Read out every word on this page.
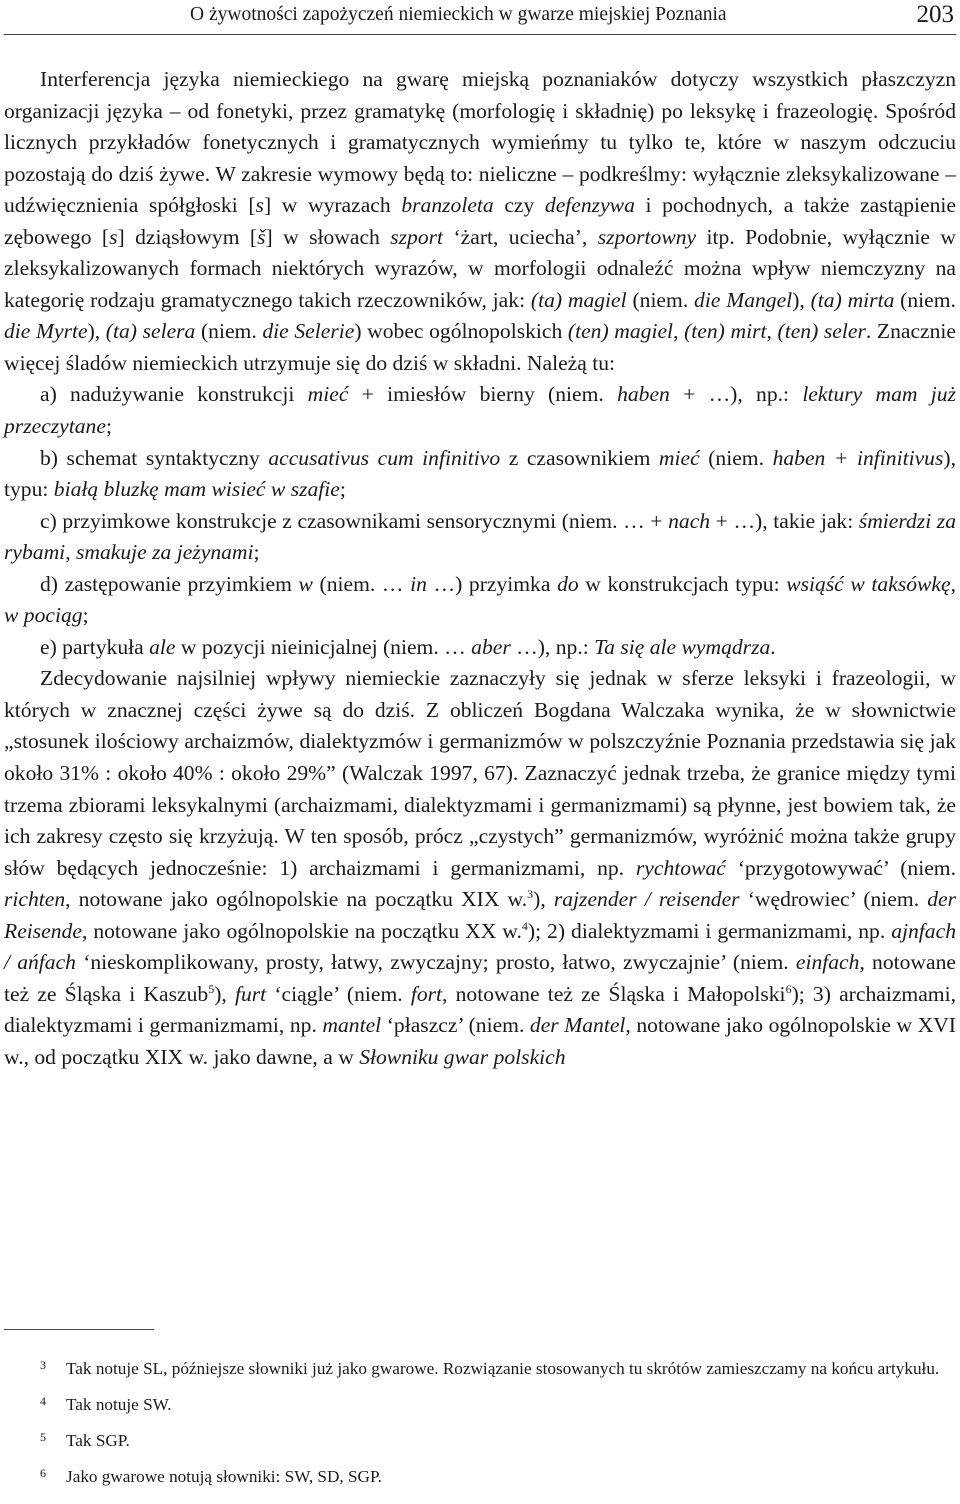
O żywotności zapożyczeń niemieckich w gwarze miejskiej Poznania	203

Interferencja języka niemieckiego na gwarę miejską poznaniaków dotyczy wszystkich płaszczyzn organizacji języka – od fonetyki, przez gramatykę (morfologię i składnię) po leksykę i frazeologię. Spośród licznych przykładów fonetycznych i gramatycznych wymieńmy tu tylko te, które w naszym odczuciu pozostają do dziś żywe. W zakresie wymowy będą to: nieliczne – podkreślmy: wyłącznie zleksykalizowane – udźwięcznienia spółgłoski [s] w wyrazach branzoleta czy defenzywa i pochodnych, a także zastąpienie zębowego [s] dziąsłowym [š] w słowach szport ‘żart, uciecha’, szportowny itp. Podobnie, wyłącznie w zleksykalizowanych formach niektórych wyrazów, w morfologii odnaleźć można wpływ niemczyzny na kategorię rodzaju gramatycznego takich rzeczowników, jak: (ta) magiel (niem. die Mangel), (ta) mirta (niem. die Myrte), (ta) selera (niem. die Selerie) wobec ogólnopolskich (ten) magiel, (ten) mirt, (ten) seler. Znacznie więcej śladów niemieckich utrzymuje się do dziś w składni. Należą tu:

a) nadużywanie konstrukcji mieć + imiesłów bierny (niem. haben + …), np.: lektury mam już przeczytane;

b) schemat syntaktyczny accusativus cum infinitivo z czasownikiem mieć (niem. haben + infinitivus), typu: białą bluzkę mam wisieć w szafie;

c) przyimkowe konstrukcje z czasownikami sensorycznymi (niem. … + nach + …), takie jak: śmierdzi za rybami, smakuje za jeżynami;

d) zastępowanie przyimkiem w (niem. … in …) przyimka do w konstrukcjach typu: wsiąść w taksówkę, w pociąg;

e) partykuła ale w pozycji nieinicjalnej (niem. … aber …), np.: Ta się ale wymądrza.

Zdecydowanie najsilniej wpływy niemieckie zaznaczyły się jednak w sferze leksyki i frazeologii, w których w znacznej części żywe są do dziś. Z obliczeń Bogdana Walczaka wynika, że w słownictwie „stosunek ilościowy archaizmów, dialektyzmów i germanizmów w polszczyźnie Poznania przedstawia się jak około 31% : około 40% : około 29%” (Walczak 1997, 67). Zaznaczyć jednak trzeba, że granice między tymi trzema zbiorami leksykalnymi (archaizmami, dialektyzmami i germanizmami) są płynne, jest bowiem tak, że ich zakresy często się krzyżują. W ten sposób, prócz „czystych” germanizmów, wyróżnić można także grupy słów będących jednocześnie: 1) archaizmami i germanizmami, np. rychtować ‘przygotowywać’ (niem. richten, notowane jako ogólnopolskie na początku XIX w.$^3$), rajzender / reisender ‘wędrowiec’ (niem. der Reisende, notowane jako ogólnopolskie na początku XX w.$^4$); 2) dialektyzmami i germanizmami, np. ajnfach / ańfach ‘nieskomplikowany, prosty, łatwy, zwyczajny; prosto, łatwo, zwyczajnie’ (niem. einfach, notowane też ze Śląska i Kaszub$^5$), furt ‘ciągle’ (niem. fort, notowane też ze Śląska i Małopolski$^6$); 3) archaizmami, dialektyzmami i germanizmami, np. mantel ‘płaszcz’ (niem. der Mantel, notowane jako ogólnopolskie w XVI w., od początku XIX w. jako dawne, a w Słowniku gwar polskich

3 Tak notuje SL, późniejsze słowniki już jako gwarowe. Rozwiązanie stosowanych tu skrótów zamieszczamy na końcu artykułu.

4 Tak notuje SW.

5 Tak SGP.

6 Jako gwarowe notują słowniki: SW, SD, SGP.
